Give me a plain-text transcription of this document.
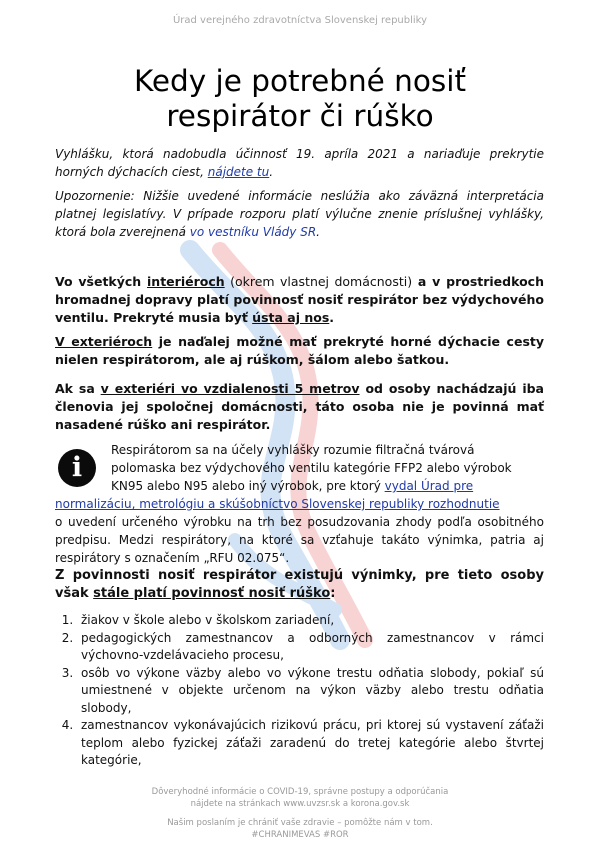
Úrad verejného zdravotníctva Slovenskej republiky
Kedy je potrebné nosiť
respirátor či rúško
Vyhlášku, ktorá nadobudla účinnosť 19. apríla 2021 a nariaďuje prekrytie horných dýchacích ciest, nájdete tu.
Upozornenie: Nižšie uvedené informácie neslúžia ako záväzná interpretácia platnej legislatívy. V prípade rozporu platí výlučne znenie príslušnej vyhlášky, ktorá bola zverejnená vo vestníku Vlády SR.
Vo všetkých interiéroch (okrem vlastnej domácnosti) a v prostriedkoch hromadnej dopravy platí povinnosť nosiť respirátor bez výdychového ventilu. Prekryté musia byť ústa aj nos.
V exteriéroch je naďalej možné mať prekryté horné dýchacie cesty nielen respirátorom, ale aj rúškom, šálom alebo šatkou.
Ak sa v exteriéri vo vzdialenosti 5 metrov od osoby nachádzajú iba členovia jej spoločnej domácnosti, táto osoba nie je povinná mať nasadené rúško ani respirátor.
i
Respirátorom sa na účely vyhlášky rozumie filtračná tvárová
polomaska bez výdychového ventilu kategórie FFP2 alebo výrobok
KN95 alebo N95 alebo iný výrobok, pre ktorý vydal Úrad pre
normalizáciu, metrológiu a skúšobníctvo Slovenskej republiky rozhodnutie
o uvedení určeného výrobku na trh bez posudzovania zhody podľa osobitného predpisu. Medzi respirátory, na ktoré sa vzťahuje takáto výnimka, patria aj respirátory s označením „RFU 02.075“.
Z povinnosti nosiť respirátor existujú výnimky, pre tieto osoby však stále platí povinnosť nosiť rúško:
1. žiakov v škole alebo v školskom zariadení,
2. pedagogických zamestnancov a odborných zamestnancov v rámci výchovno-vzdelávacieho procesu,
3. osôb vo výkone väzby alebo vo výkone trestu odňatia slobody, pokiaľ sú umiestnené v objekte určenom na výkon väzby alebo trestu odňatia slobody,
4. zamestnancov vykonávajúcich rizikovú prácu, pri ktorej sú vystavení záťaži teplom alebo fyzickej záťaži zaradenú do tretej kategórie alebo štvrtej kategórie,
Dôveryhodné informácie o COVID-19, správne postupy a odporúčania
nájdete na stránkach www.uvzsr.sk a korona.gov.sk
Našim poslaním je chrániť vaše zdravie – pomôžte nám v tom.
#CHRANIMEVAS #ROR
